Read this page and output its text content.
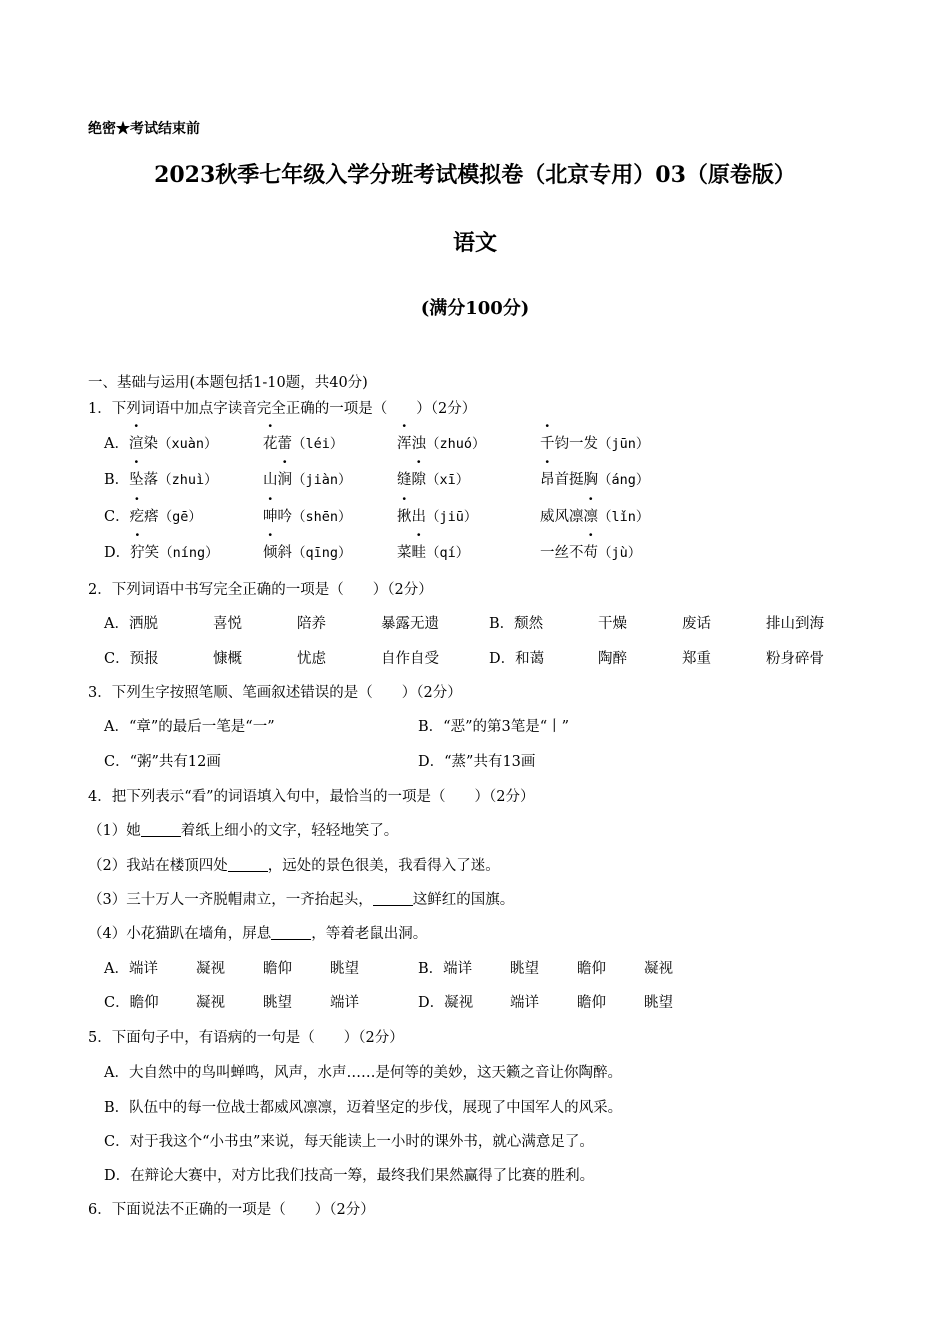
绝密★考试结束前
2023秋季七年级入学分班考试模拟卷（北京专用）03（原卷版）
语文
(满分100分)
一、基础与运用(本题包括1-10题，共40分)
1．下列词语中加点字读音完全正确的一项是（　　）（2分）
A．渲染（xuàn）	花蕾（léi）	浑浊（zhuó）	千钧一发（jūn）
B．坠落（zhuì）	山涧（jiàn）	缝隙（xī）	昂首挺胸（áng）
C．疙瘩（gē）	呻吟（shēn）	揪出（jiū）	威风凛凛（lǐn）
D．狞笑（níng）	倾斜（qīng）	菜畦（qí）	一丝不苟（jù）
2．下列词语中书写完全正确的一项是（　　）（2分）
A．洒脱	喜悦	陪养	暴露无遗	B．颓然	干燥	废话	排山到海
C．预报	慷概	忧虑	自作自受	D．和蔼	陶醉	郑重	粉身碎骨
3．下列生字按照笔顺、笔画叙述错误的是（　　）（2分）
A．“章”的最后一笔是“一”	B．“恶”的第3笔是“丨”
C．“粥”共有12画	D．“蒸”共有13画
4．把下列表示“看”的词语填入句中，最恰当的一项是（　　）（2分）
（1）她	着纸上细小的文字，轻轻地笑了。
（2）我站在楼顶四处	，远处的景色很美，我看得入了迷。
（3）三十万人一齐脱帽肃立，一齐抬起头，	这鲜红的国旗。
（4）小花猫趴在墙角，屏息	，等着老鼠出洞。
A．端详	凝视	瞻仰	眺望	B．端详	眺望	瞻仰	凝视
C．瞻仰	凝视	眺望	端详	D．凝视	端详	瞻仰	眺望
5．下面句子中，有语病的一句是（　　）（2分）
A．大自然中的鸟叫蝉鸣，风声，水声……是何等的美妙，这天籁之音让你陶醉。
B．队伍中的每一位战士都威风凛凛，迈着坚定的步伐，展现了中国军人的风采。
C．对于我这个“小书虫”来说，每天能读上一小时的课外书，就心满意足了。
D．在辩论大赛中，对方比我们技高一筹，最终我们果然赢得了比赛的胜利。
6．下面说法不正确的一项是（　　）（2分）
